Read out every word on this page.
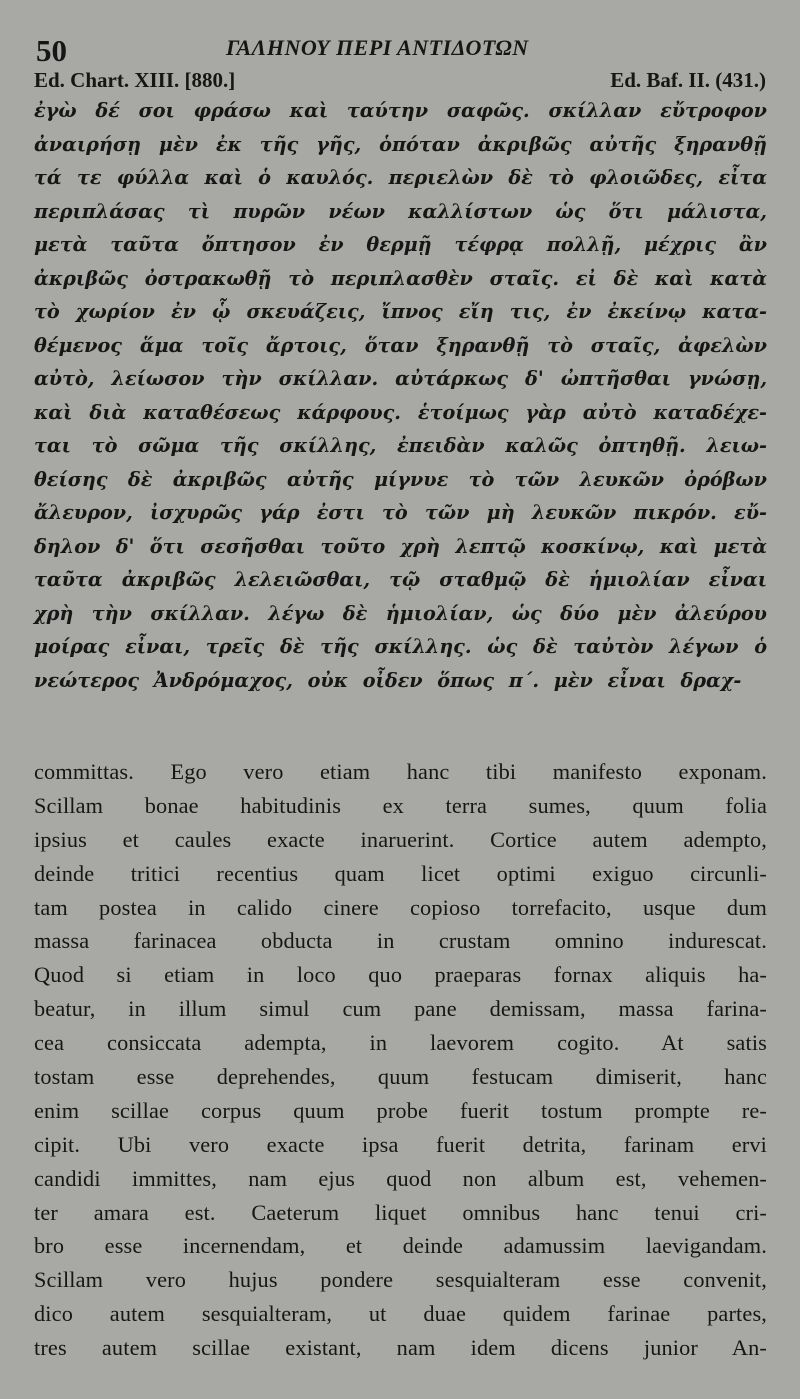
50	ΓΑΛΗΝΟΥ ΠΕΡΙ ΑΝΤΙΔΟΤΩΝ
Ed. Chart. XIII. [880.]	Ed. Baf. II. (431.)
ἐγὼ δέ σοι φράσω καὶ ταύτην σαφῶς. σκίλλαν εὔτροφον
ἀναιρήσῃ μὲν ἐκ τῆς γῆς, ὁπόταν ἀκριβῶς αὐτῆς ξηρανθῇ
τά τε φύλλα καὶ ὁ καυλός. περιελὼν δὲ τὸ φλοιῶδες, εἶτα
περιπλάσας τὶ πυρῶν νέων καλλίστων ὡς ὅτι μάλιστα,
μετὰ ταῦτα ὄπτησον ἐν θερμῇ τέφρᾳ πολλῇ, μέχρις ἂν
ἀκριβῶς ὀστρακωθῇ τὸ περιπλασθὲν σταῖς. εἰ δὲ καὶ κατὰ
τὸ χωρίον ἐν ᾧ σκευάζεις, ἴπνος εἴη τις, ἐν ἐκείνῳ κατα-
θέμενος ἅμα τοῖς ἄρτοις, ὅταν ξηρανθῇ τὸ σταῖς, ἀφελὼν
αὐτὸ, λείωσον τὴν σκίλλαν. αὐτάρκως δ' ὠπτῆσθαι γνώσῃ,
καὶ διὰ καταθέσεως κάρφους. ἑτοίμως γὰρ αὐτὸ καταδέχε-
ται τὸ σῶμα τῆς σκίλλης, ἐπειδὰν καλῶς ὀπτηθῇ. λειω-
θείσης δὲ ἀκριβῶς αὐτῆς μίγνυε τὸ τῶν λευκῶν ὀρόβων
ἄλευρον, ἰσχυρῶς γάρ ἐστι τὸ τῶν μὴ λευκῶν πικρόν. εὔ-
δηλον δ' ὅτι σεσῆσθαι τοῦτο χρὴ λεπτῷ κοσκίνῳ, καὶ μετὰ
ταῦτα ἀκριβῶς λελειῶσθαι, τῷ σταθμῷ δὲ ἡμιολίαν εἶναι
χρὴ τὴν σκίλλαν. λέγω δὲ ἡμιολίαν, ὡς δύο μὲν ἀλεύρου
μοίρας εἶναι, τρεῖς δὲ τῆς σκίλλης. ὡς δὲ ταὐτὸν λέγων ὁ
νεώτερος Ἀνδρόμαχος, οὐκ οἶδεν ὅπως π΄. μὲν εἶναι δραχ-
committas. Ego vero etiam hanc tibi manifesto exponam.
Scillam bonae habitudinis ex terra sumes, quum folia
ipsius et caules exacte inaruerint. Cortice autem adempto,
deinde tritici recentius quam licet optimi exiguo circunli-
tam postea in calido cinere copioso torrefacito, usque dum
massa farinacea obducta in crustam omnino indurescat.
Quod si etiam in loco quo praeparas fornax aliquis ha-
beatur, in illum simul cum pane demissam, massa farina-
cea consiccata adempta, in laevorem cogito. At satis
tostam esse deprehendes, quum festucam dimiserit, hanc
enim scillae corpus quum probe fuerit tostum prompte re-
cipit. Ubi vero exacte ipsa fuerit detrita, farinam ervi
candidi immittes, nam ejus quod non album est, vehemen-
ter amara est. Caeterum liquet omnibus hanc tenui cri-
bro esse incernendam, et deinde adamussim laevigandam.
Scillam vero hujus pondere sesquialteram esse convenit,
dico autem sesquialteram, ut duae quidem farinae partes,
tres autem scillae existant, nam idem dicens junior An-
